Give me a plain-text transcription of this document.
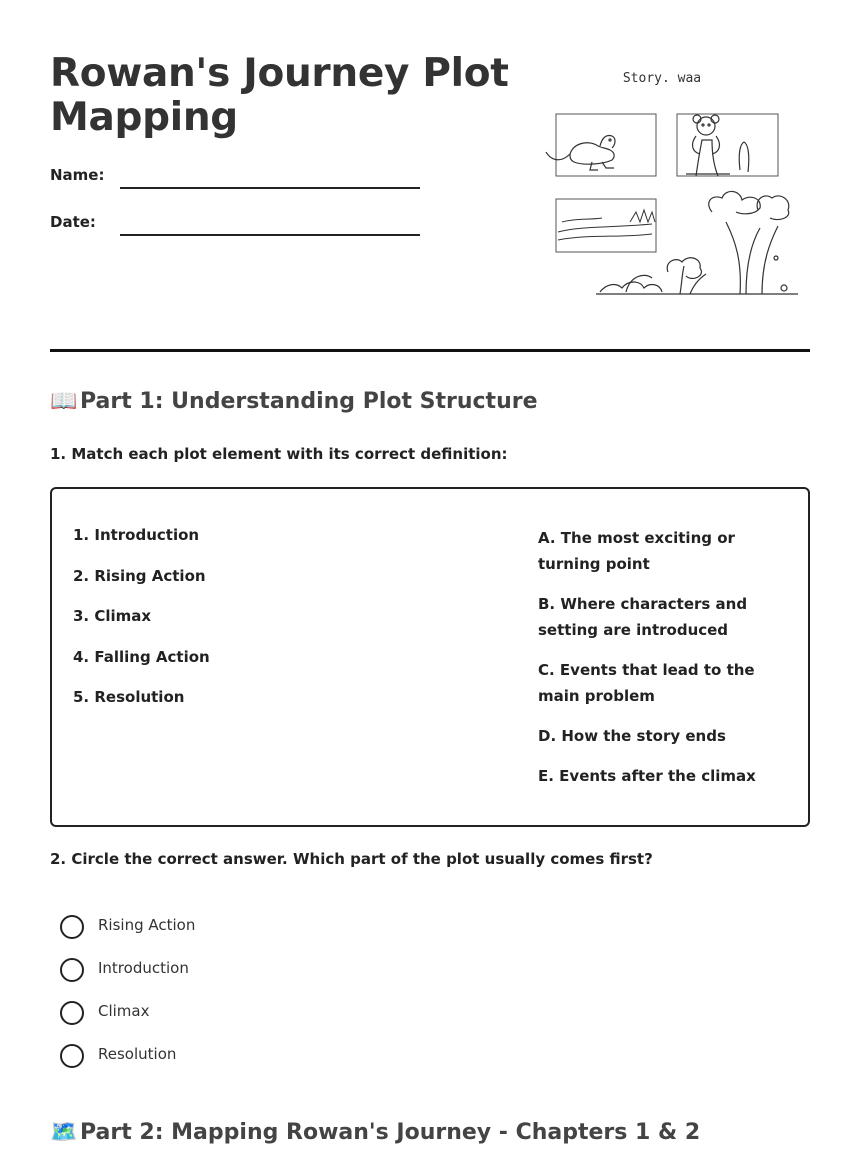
Rowan's Journey Plot Mapping
Name:
Date:
Story. waa
📖 Part 1: Understanding Plot Structure
1. Match each plot element with its correct definition:
1. Introduction
2. Rising Action
3. Climax
4. Falling Action
5. Resolution
A. The most exciting or turning point
B. Where characters and setting are introduced
C. Events that lead to the main problem
D. How the story ends
E. Events after the climax
2. Circle the correct answer. Which part of the plot usually comes first?
Rising Action
Introduction
Climax
Resolution
🗺️ Part 2: Mapping Rowan's Journey - Chapters 1 & 2
